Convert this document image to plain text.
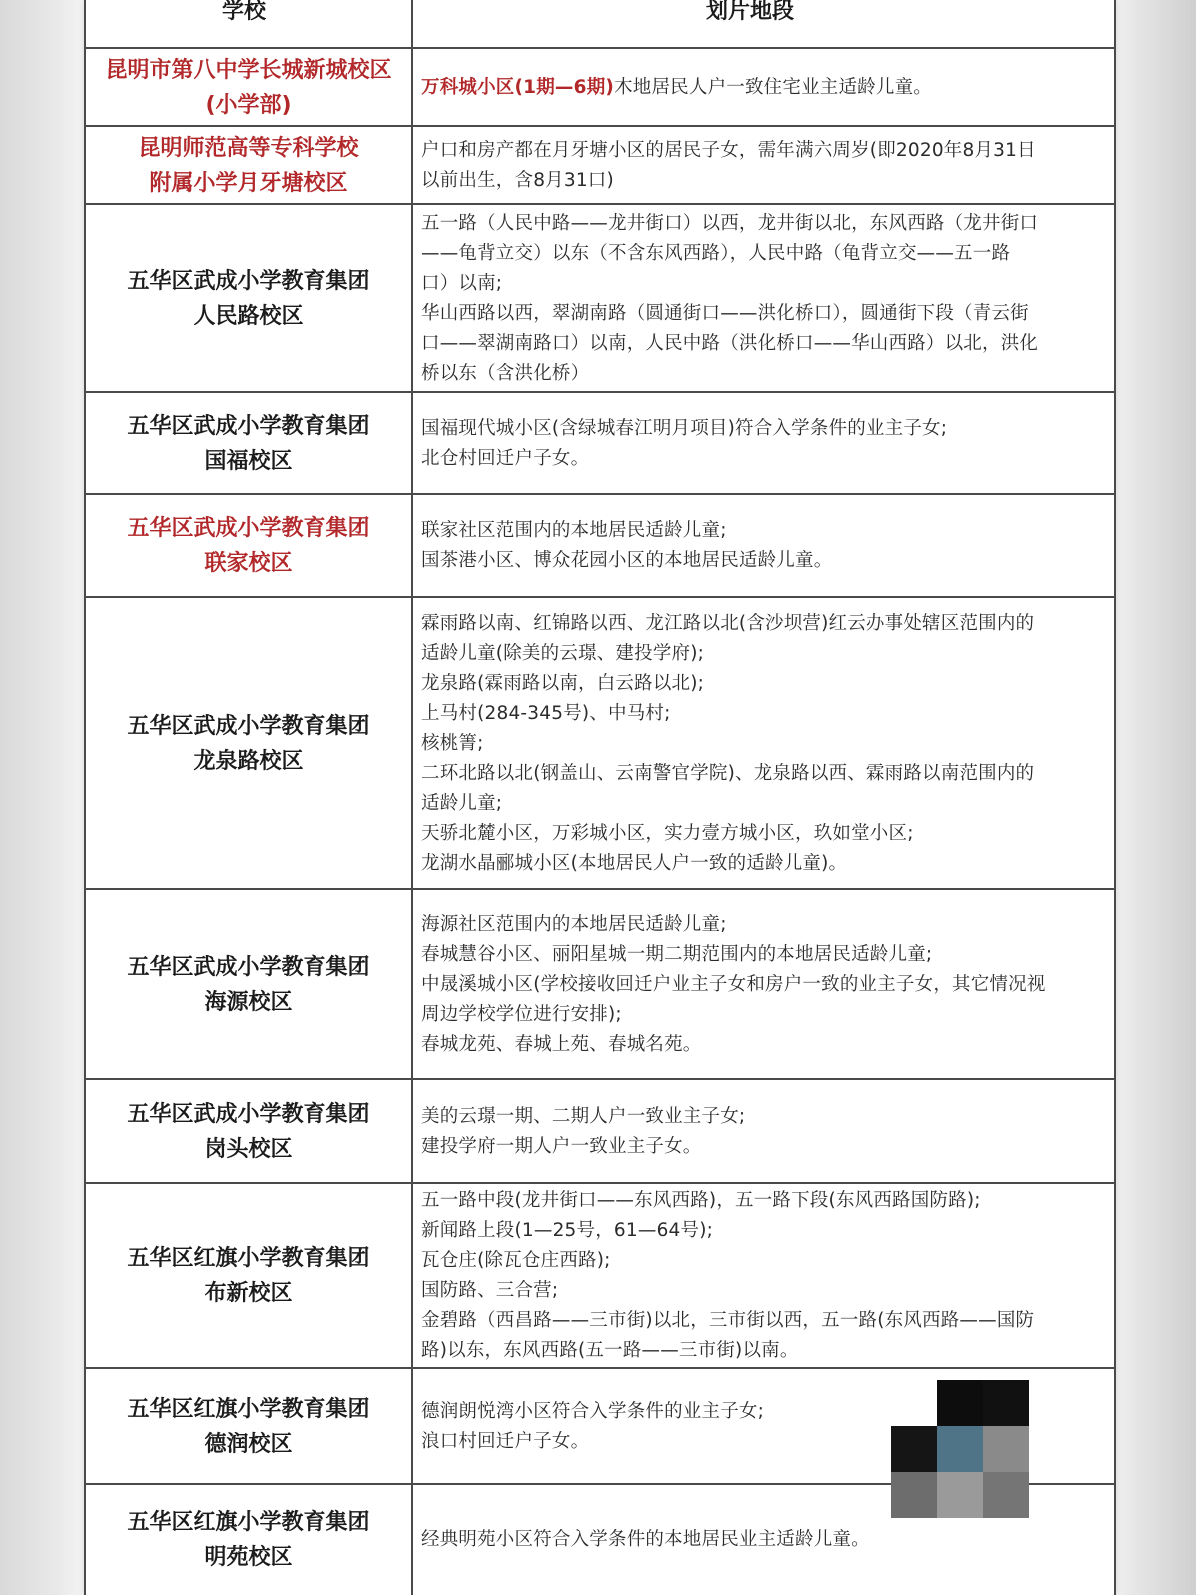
学校	划片地段
昆明市第八中学长城新城校区
(小学部)
万科城小区(1期—6期)木地居民人户一致住宅业主适龄儿童。
昆明师范高等专科学校
附属小学月牙塘校区
户口和房产都在月牙塘小区的居民子女，需年满六周岁(即2020年8月31日
以前出生，含8月31口)
五华区武成小学教育集团
人民路校区
五一路（人民中路——龙井街口）以西，龙井街以北，东风西路（龙井街口
——龟背立交）以东（不含东风西路），人民中路（龟背立交——五一路
口）以南;
华山西路以西，翠湖南路（圆通街口——洪化桥口），圆通街下段（青云街
口——翠湖南路口）以南，人民中路（洪化桥口——华山西路）以北，洪化
桥以东（含洪化桥）
五华区武成小学教育集团
国福校区
国福现代城小区(含绿城春江明月项目)符合入学条件的业主子女;
北仓村回迁户子女。
五华区武成小学教育集团
联家校区
联家社区范围内的本地居民适龄儿童;
国茶港小区、博众花园小区的本地居民适龄儿童。
五华区武成小学教育集团
龙泉路校区
霖雨路以南、红锦路以西、龙江路以北(含沙坝营)红云办事处辖区范围内的
适龄儿童(除美的云璟、建投学府);
龙泉路(霖雨路以南，白云路以北);
上马村(284-345号)、中马村;
核桃箐;
二环北路以北(钢盖山、云南警官学院)、龙泉路以西、霖雨路以南范围内的
适龄儿童;
天骄北麓小区，万彩城小区，实力壹方城小区，玖如堂小区;
龙湖水晶郦城小区(本地居民人户一致的适龄儿童)。
五华区武成小学教育集团
海源校区
海源社区范围内的本地居民适龄儿童;
春城慧谷小区、丽阳星城一期二期范围内的本地居民适龄儿童;
中晟溪城小区(学校接收回迁户业主子女和房户一致的业主子女，其它情况视
周边学校学位进行安排);
春城龙苑、春城上苑、春城名苑。
五华区武成小学教育集团
岗头校区
美的云璟一期、二期人户一致业主子女;
建投学府一期人户一致业主子女。
五华区红旗小学教育集团
布新校区
五一路中段(龙井街口——东风西路)，五一路下段(东风西路国防路);
新闻路上段(1—25号，61—64号);
瓦仓庄(除瓦仓庄西路);
国防路、三合营;
金碧路（西昌路——三市街)以北，三市街以西，五一路(东风西路——国防
路)以东，东风西路(五一路——三市街)以南。
五华区红旗小学教育集团
德润校区
德润朗悦湾小区符合入学条件的业主子女;
浪口村回迁户子女。
五华区红旗小学教育集团
明苑校区
经典明苑小区符合入学条件的本地居民业主适龄儿童。
